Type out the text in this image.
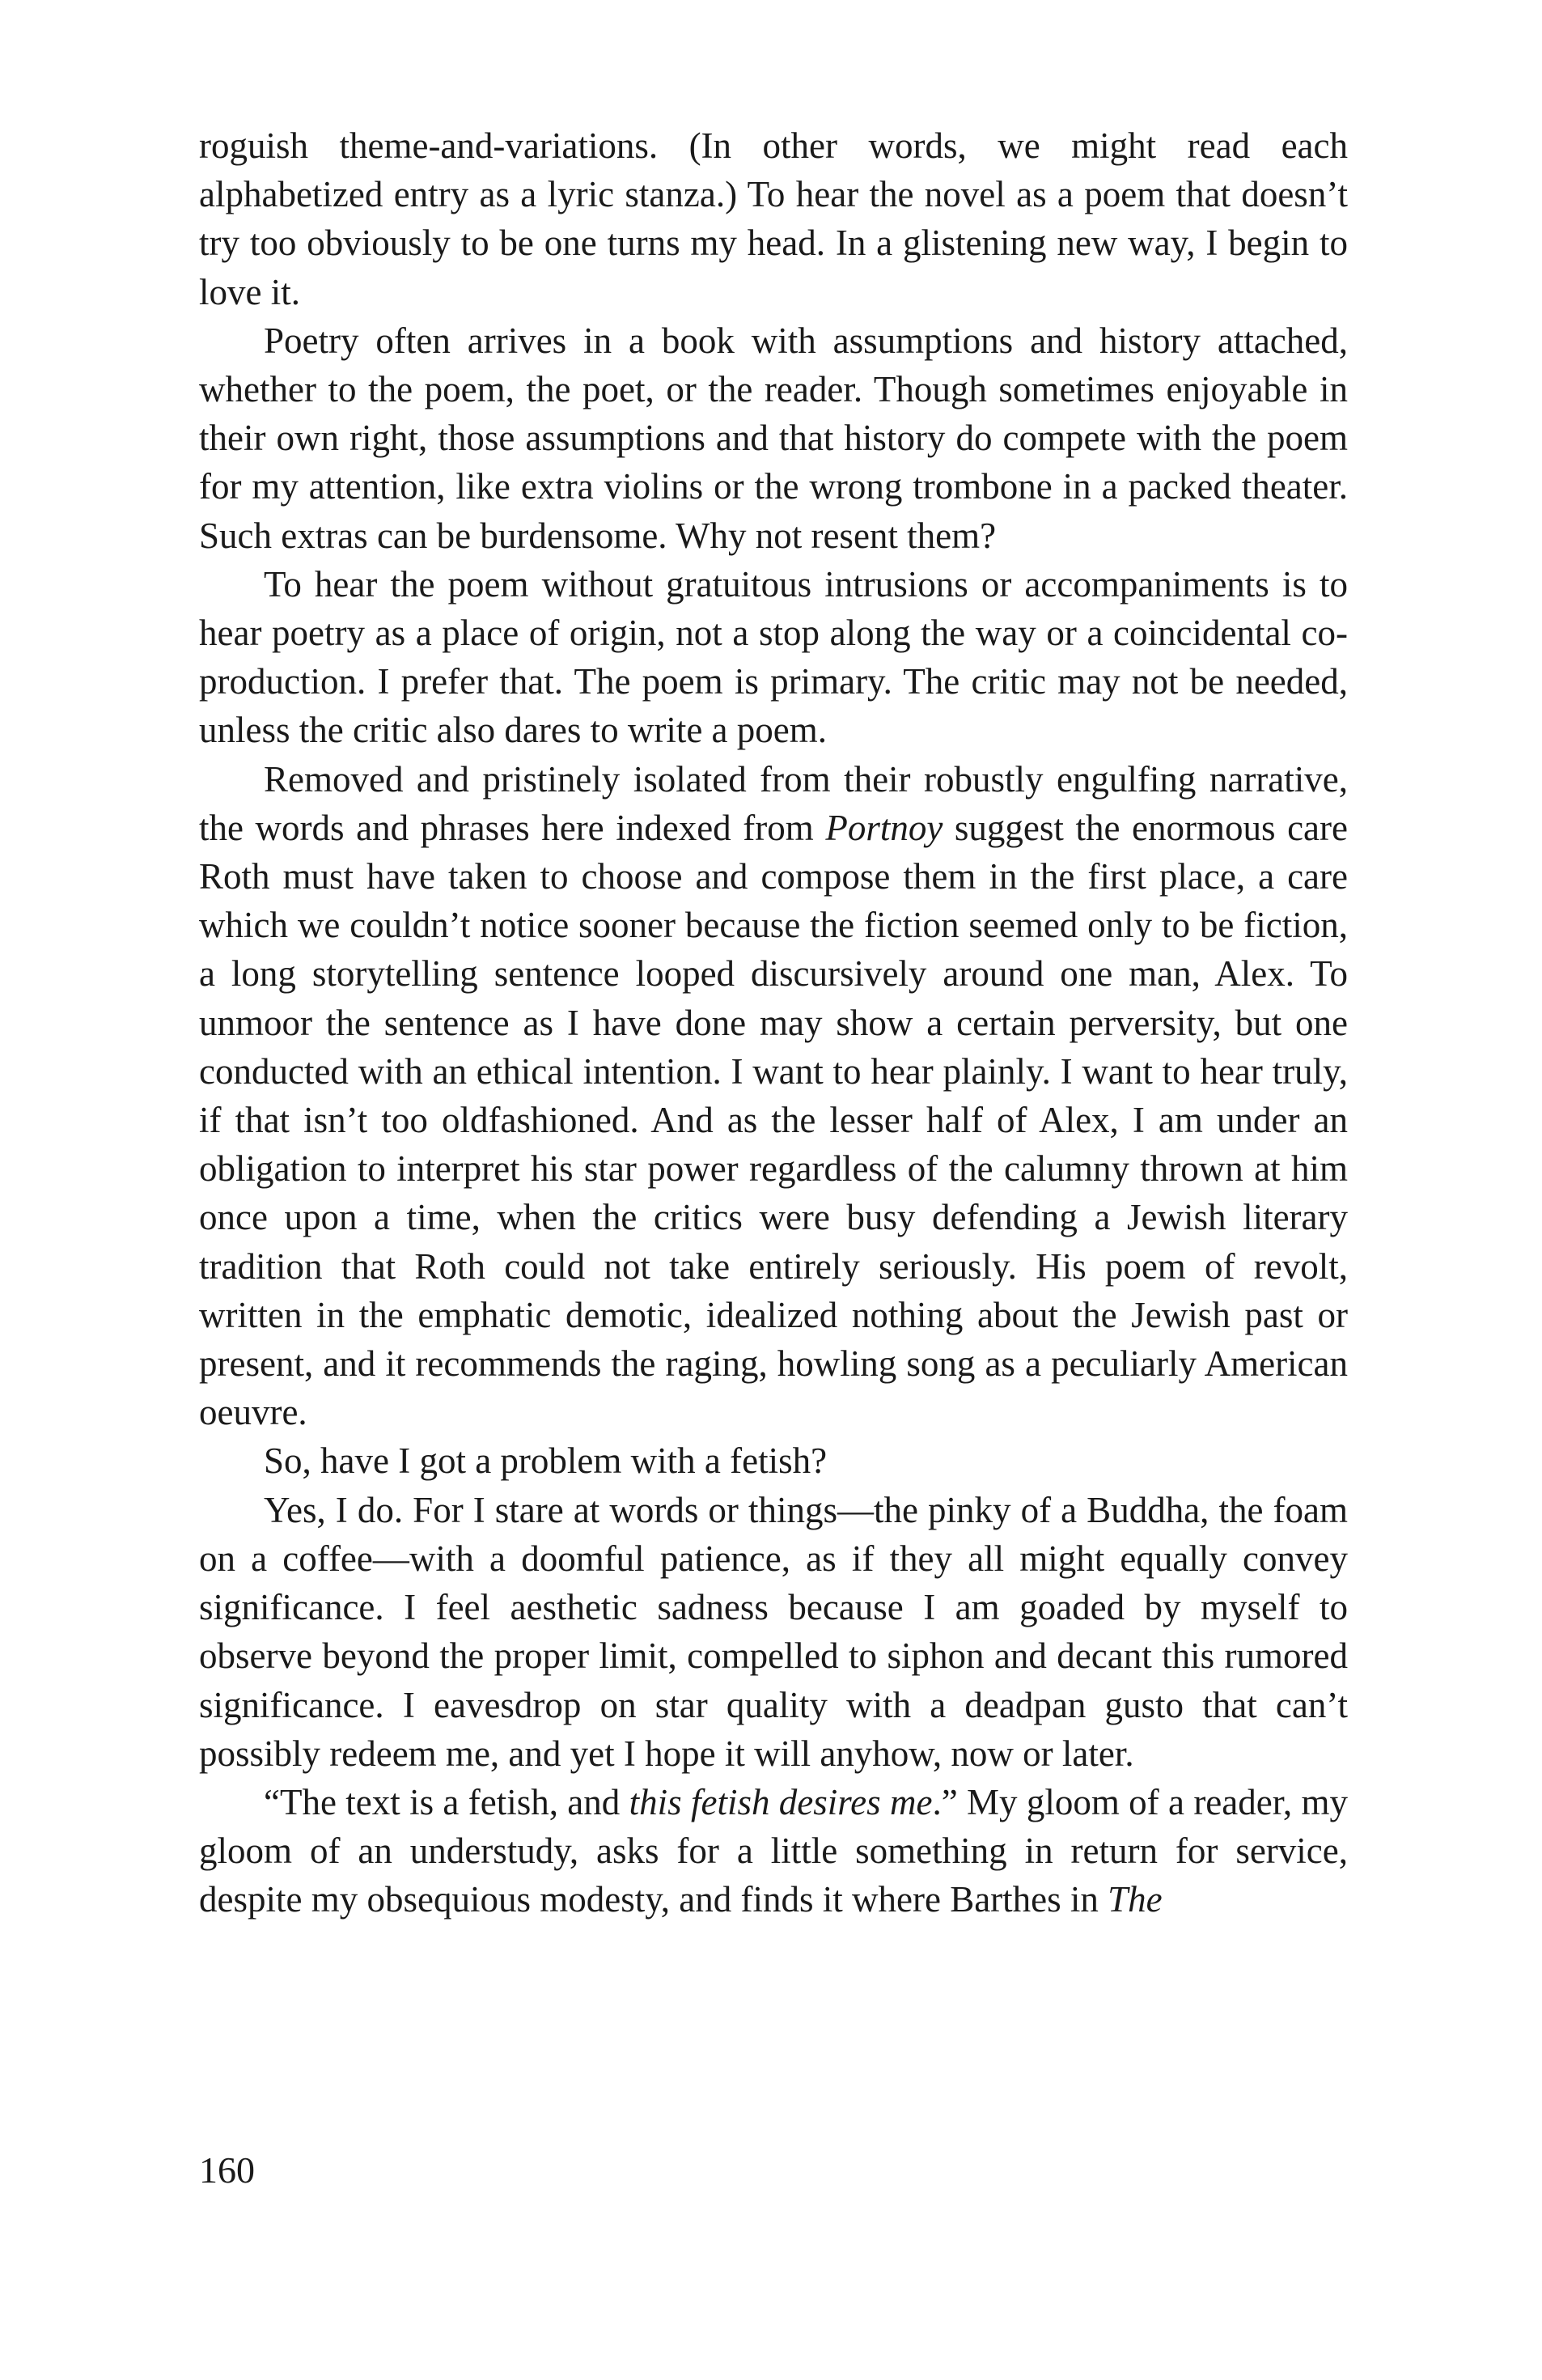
roguish theme-and-variations. (In other words, we might read each alphabetized entry as a lyric stanza.) To hear the novel as a poem that doesn’t try too obviously to be one turns my head. In a glistening new way, I begin to love it.

Poetry often arrives in a book with assumptions and history attached, whether to the poem, the poet, or the reader. Though sometimes enjoyable in their own right, those assumptions and that history do compete with the poem for my attention, like extra violins or the wrong trombone in a packed theater. Such extras can be burdensome. Why not resent them?

To hear the poem without gratuitous intrusions or accompaniments is to hear poetry as a place of origin, not a stop along the way or a coincidental co-production. I prefer that. The poem is primary. The critic may not be needed, unless the critic also dares to write a poem.

Removed and pristinely isolated from their robustly engulfing narrative, the words and phrases here indexed from Portnoy suggest the enormous care Roth must have taken to choose and compose them in the first place, a care which we couldn’t notice sooner because the fiction seemed only to be fiction, a long storytelling sentence looped discursively around one man, Alex. To unmoor the sentence as I have done may show a certain perversity, but one conducted with an ethical intention. I want to hear plainly. I want to hear truly, if that isn’t too oldfashioned. And as the lesser half of Alex, I am under an obligation to interpret his star power regardless of the calumny thrown at him once upon a time, when the critics were busy defending a Jewish literary tradition that Roth could not take entirely seriously. His poem of revolt, written in the emphatic demotic, idealized nothing about the Jewish past or present, and it recommends the raging, howling song as a peculiarly American oeuvre.

So, have I got a problem with a fetish?

Yes, I do. For I stare at words or things—the pinky of a Buddha, the foam on a coffee—with a doomful patience, as if they all might equally convey significance. I feel aesthetic sadness because I am goaded by myself to observe beyond the proper limit, compelled to siphon and decant this rumored significance. I eavesdrop on star quality with a deadpan gusto that can’t possibly redeem me, and yet I hope it will anyhow, now or later.

“The text is a fetish, and this fetish desires me.” My gloom of a reader, my gloom of an understudy, asks for a little something in return for service, despite my obsequious modesty, and finds it where Barthes in The

160
